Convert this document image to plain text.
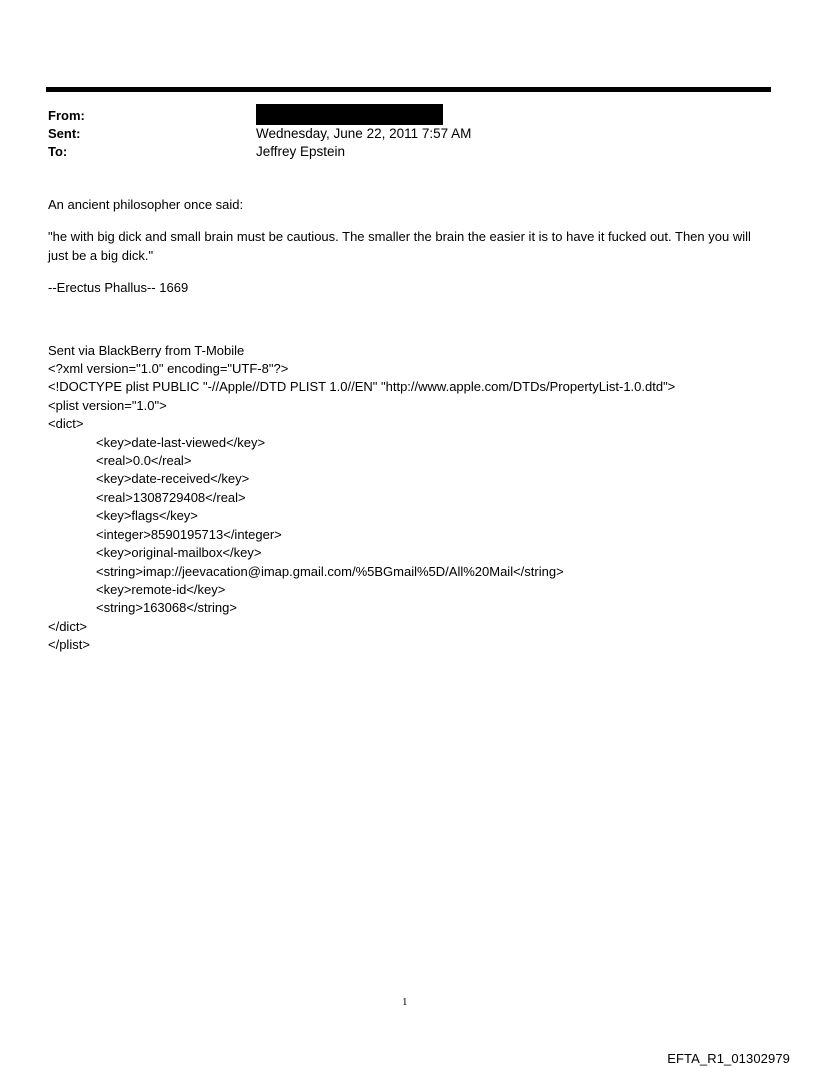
From:
Sent:	Wednesday, June 22, 2011 7:57 AM
To:	Jeffrey Epstein

An ancient philosopher once said:

"he with big dick and small brain must be cautious. The smaller the brain the easier it is to have it fucked out. Then you will just be a big dick."

--Erectus Phallus-- 1669

Sent via BlackBerry from T-Mobile
<?xml version="1.0" encoding="UTF-8"?>
<!DOCTYPE plist PUBLIC "-//Apple//DTD PLIST 1.0//EN" "http://www.apple.com/DTDs/PropertyList-1.0.dtd">
<plist version="1.0">
<dict>
<key>date-last-viewed</key>
<real>0.0</real>
<key>date-received</key>
<real>1308729408</real>
<key>flags</key>
<integer>8590195713</integer>
<key>original-mailbox</key>
<string>imap://jeevacation@imap.gmail.com/%5BGmail%5D/All%20Mail</string>
<key>remote-id</key>
<string>163068</string>
</dict>
</plist>
1
EFTA_R1_01302979
